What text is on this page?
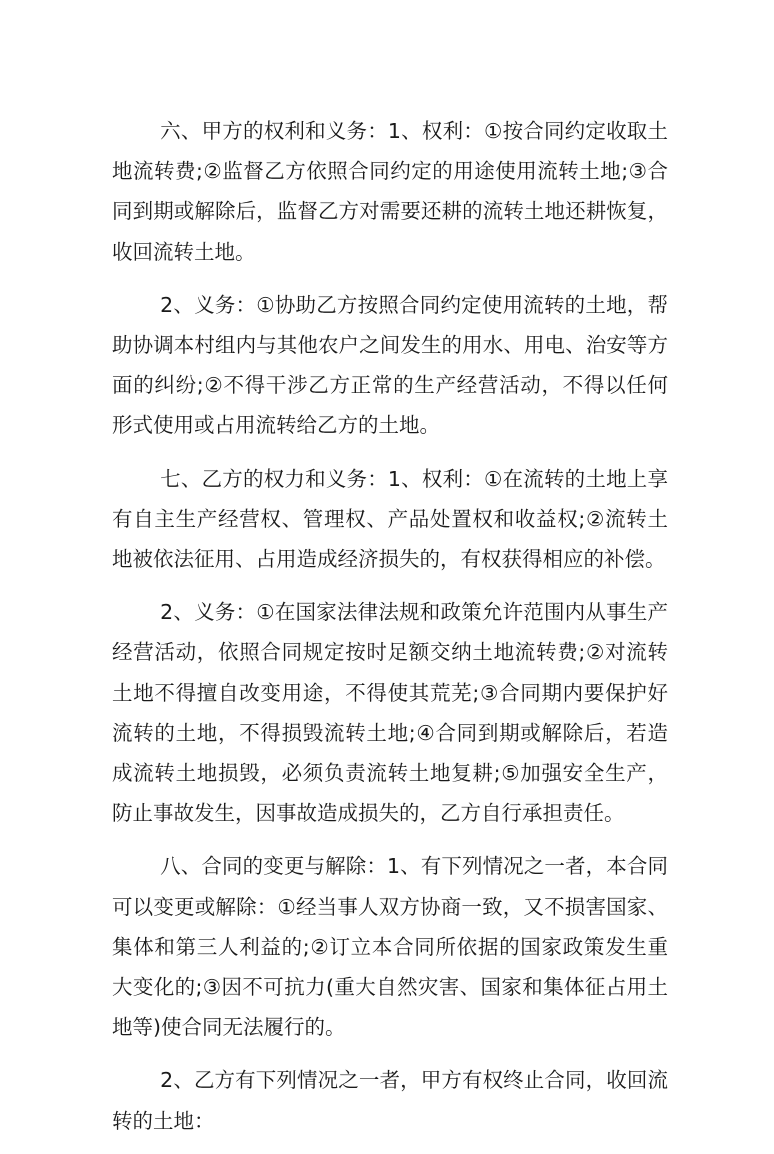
六、甲方的权利和义务：1、权利：①按合同约定收取土地流转费;②监督乙方依照合同约定的用途使用流转土地;③合同到期或解除后，监督乙方对需要还耕的流转土地还耕恢复，收回流转土地。

2、义务：①协助乙方按照合同约定使用流转的土地，帮助协调本村组内与其他农户之间发生的用水、用电、治安等方面的纠纷;②不得干涉乙方正常的生产经营活动，不得以任何形式使用或占用流转给乙方的土地。

七、乙方的权力和义务：1、权利：①在流转的土地上享有自主生产经营权、管理权、产品处置权和收益权;②流转土地被依法征用、占用造成经济损失的，有权获得相应的补偿。

2、义务：①在国家法律法规和政策允许范围内从事生产经营活动，依照合同规定按时足额交纳土地流转费;②对流转土地不得擅自改变用途，不得使其荒芜;③合同期内要保护好流转的土地，不得损毁流转土地;④合同到期或解除后，若造成流转土地损毁，必须负责流转土地复耕;⑤加强安全生产，防止事故发生，因事故造成损失的，乙方自行承担责任。

八、合同的变更与解除：1、有下列情况之一者，本合同可以变更或解除：①经当事人双方协商一致，又不损害国家、集体和第三人利益的;②订立本合同所依据的国家政策发生重大变化的;③因不可抗力(重大自然灾害、国家和集体征占用土地等)使合同无法履行的。

2、乙方有下列情况之一者，甲方有权终止合同，收回流转的土地：
